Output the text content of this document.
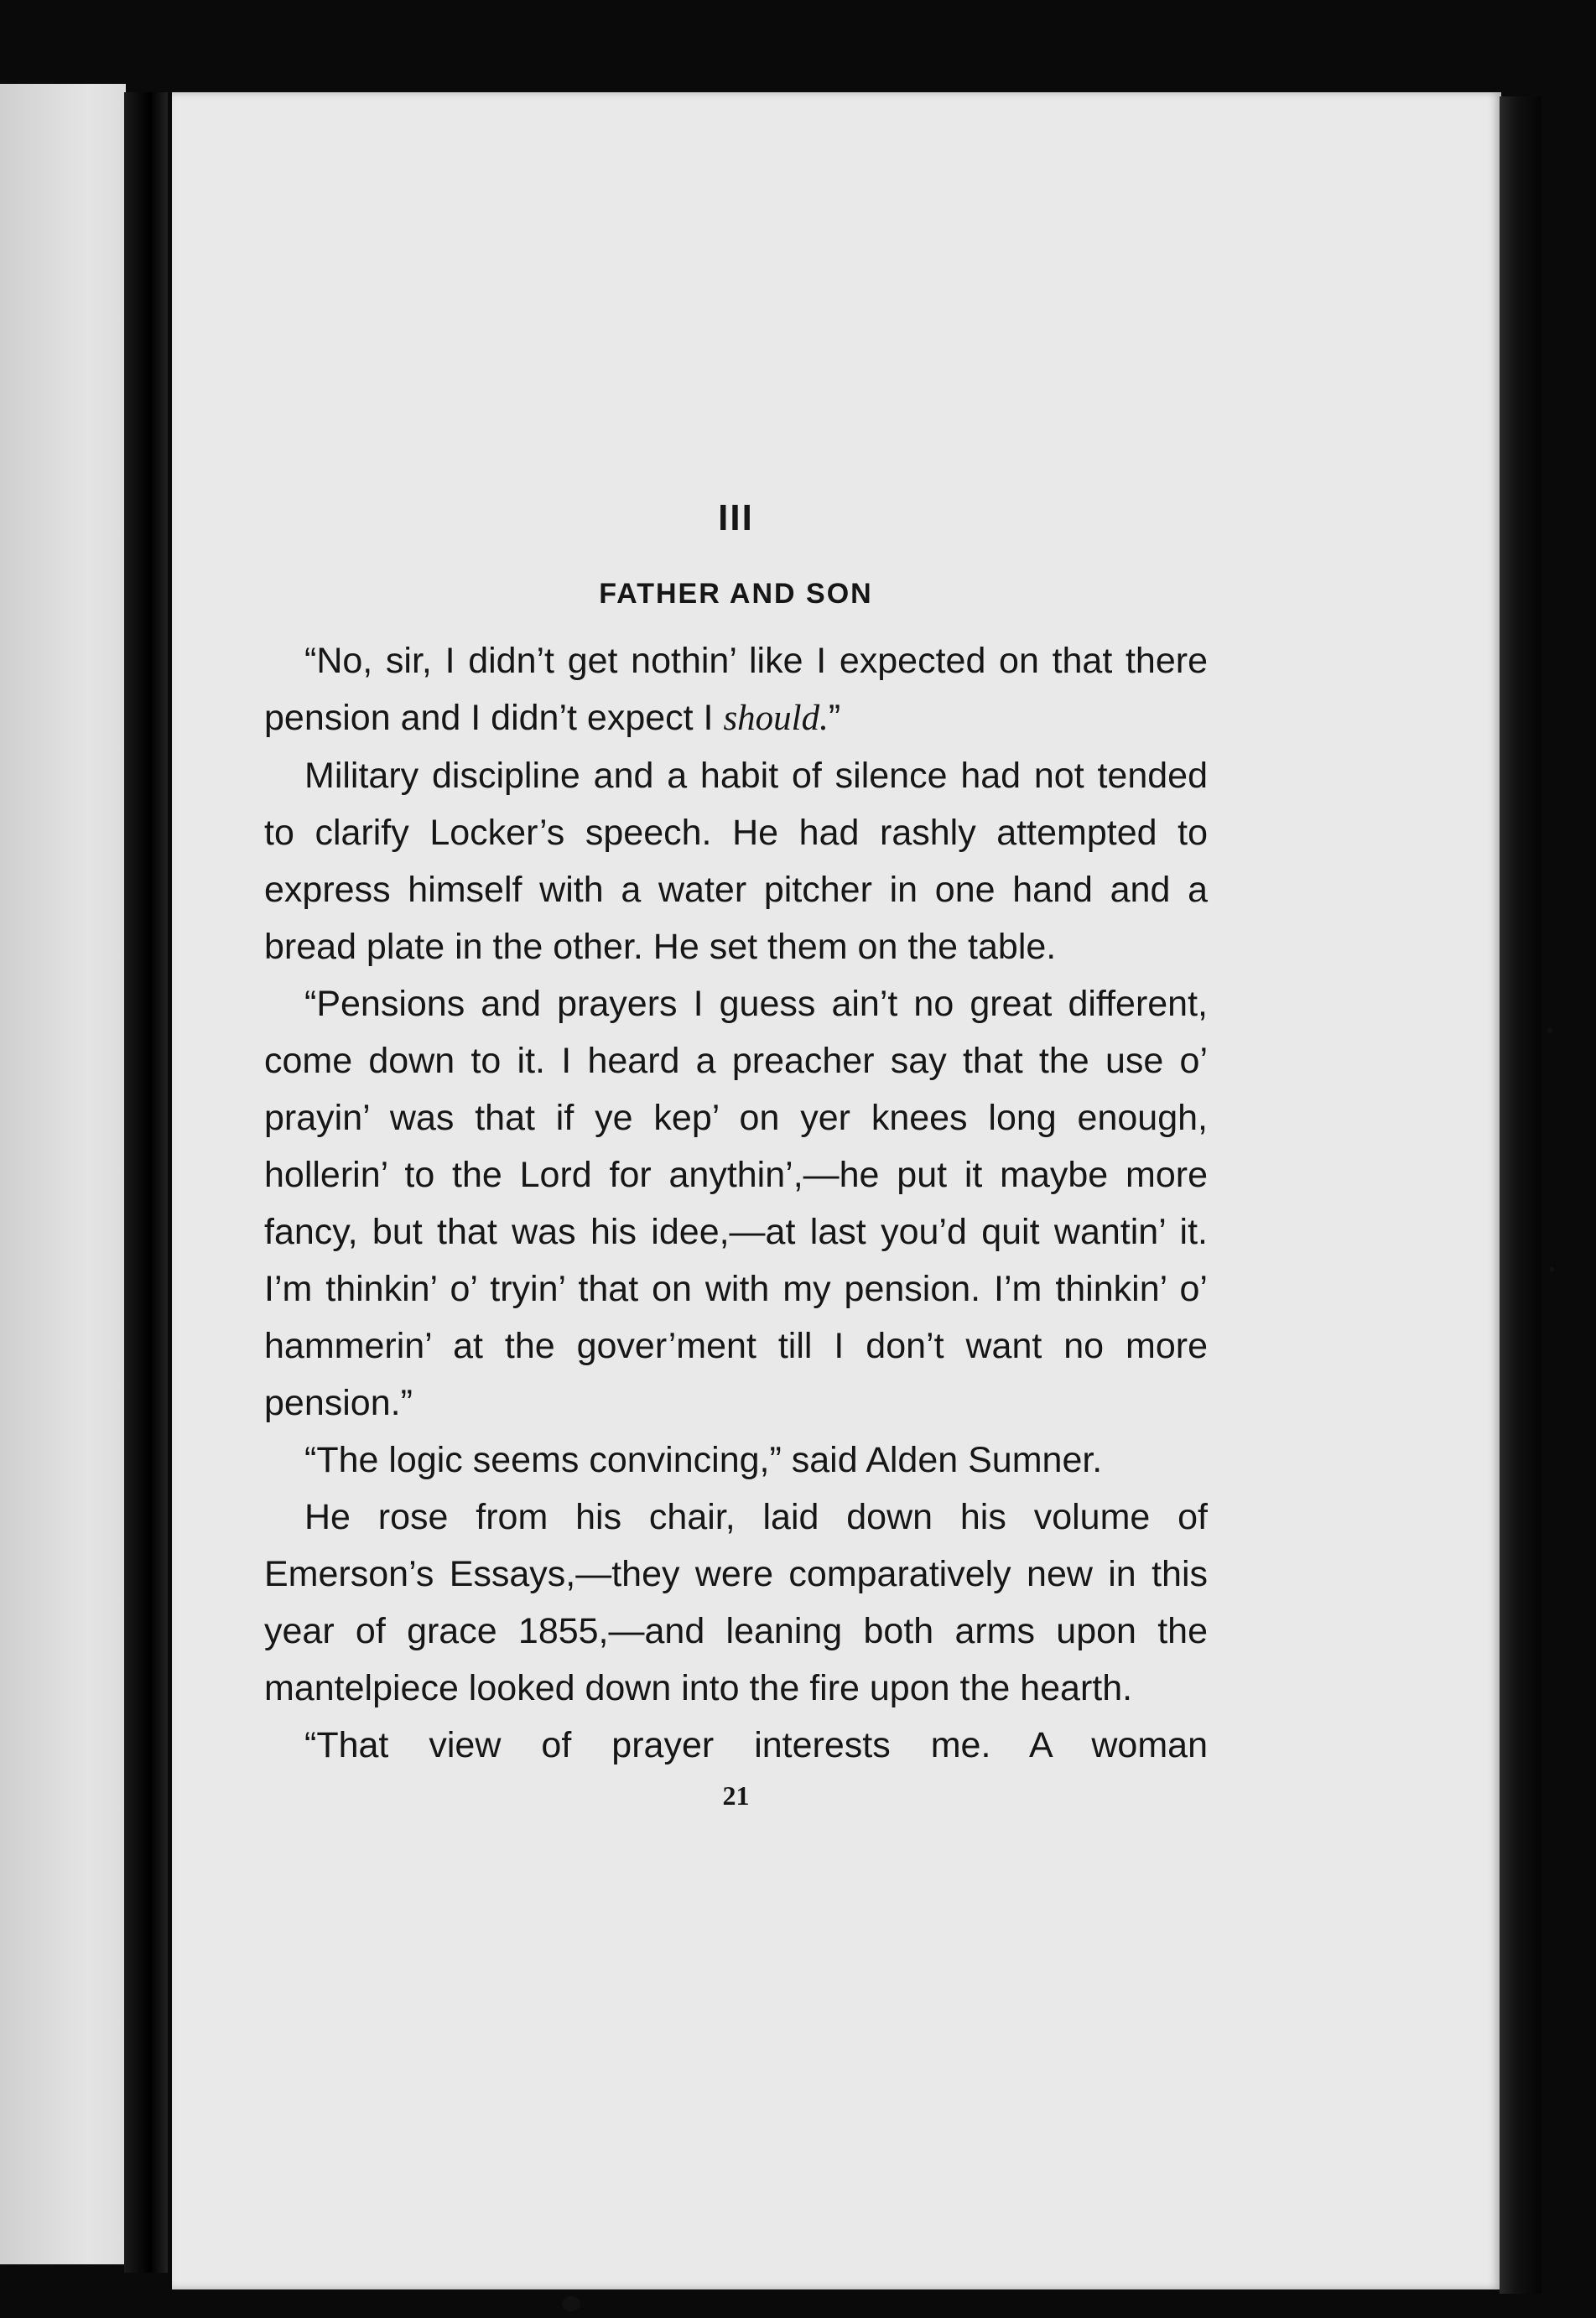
III
FATHER AND SON

“No, sir, I didn’t get nothin’ like I expected on that there pension and I didn’t expect I should.”

Military discipline and a habit of silence had not tended to clarify Locker’s speech. He had rashly attempted to express himself with a water pitcher in one hand and a bread plate in the other. He set them on the table.

“Pensions and prayers I guess ain’t no great different, come down to it. I heard a preacher say that the use o’ prayin’ was that if ye kep’ on yer knees long enough, hollerin’ to the Lord for anythin’,—he put it maybe more fancy, but that was his idee,—at last you’d quit wantin’ it. I’m thinkin’ o’ tryin’ that on with my pension. I’m thinkin’ o’ hammerin’ at the gover’ment till I don’t want no more pension.”

“The logic seems convincing,” said Alden Sumner.

He rose from his chair, laid down his volume of Emerson’s Essays,—they were comparatively new in this year of grace 1855,—and leaning both arms upon the mantelpiece looked down into the fire upon the hearth.

“That view of prayer interests me. A woman

21
